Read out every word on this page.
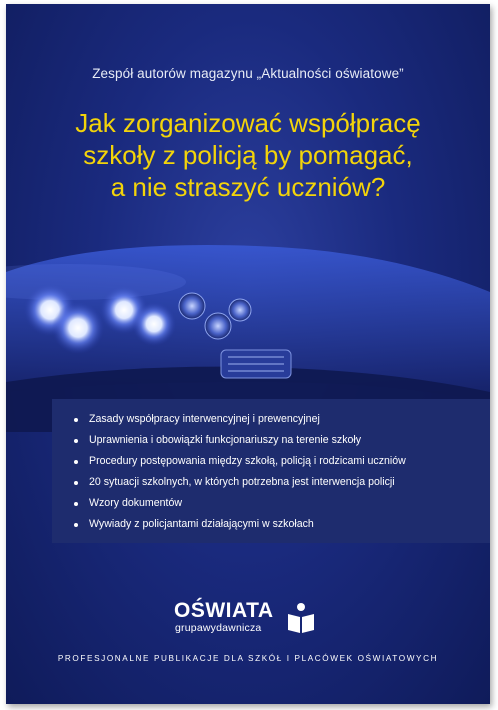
Zespół autorów magazynu „Aktualności oświatowe”
Jak zorganizować współpracę
szkoły z policją by pomagać,
a nie straszyć uczniów?
Zasady współpracy interwencyjnej i prewencyjnej
Uprawnienia i obowiązki funkcjonariuszy na terenie szkoły
Procedury postępowania między szkołą, policją i rodzicami uczniów
20 sytuacji szkolnych, w których potrzebna jest interwencja policji
Wzory dokumentów
Wywiady z policjantami działającymi w szkołach
OŚWIATA
grupawydawnicza
PROFESJONALNE PUBLIKACJE DLA SZKÓŁ I PLACÓWEK OŚWIATOWYCH
